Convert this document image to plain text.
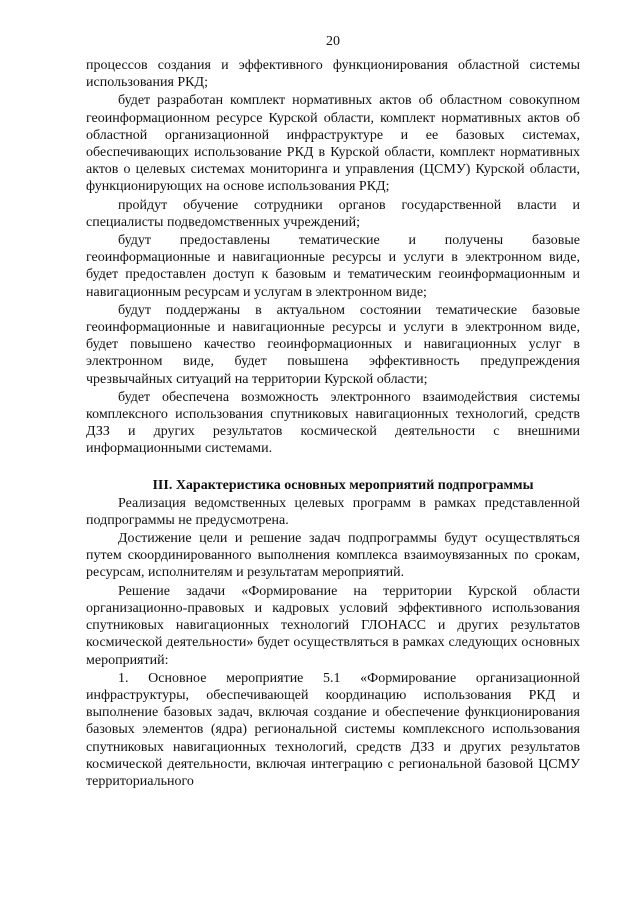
20

процессов создания и эффективного функционирования областной системы использования РКД;

будет разработан комплект нормативных актов об областном совокупном геоинформационном ресурсе Курской области, комплект нормативных актов об областной организационной инфраструктуре и ее базовых системах, обеспечивающих использование РКД в Курской области, комплект нормативных актов о целевых системах мониторинга и управления (ЦСМУ) Курской области, функционирующих на основе использования РКД;

пройдут обучение сотрудники органов государственной власти и специалисты подведомственных учреждений;

будут предоставлены тематические и получены базовые геоинформационные и навигационные ресурсы и услуги в электронном виде, будет предоставлен доступ к базовым и тематическим геоинформационным и навигационным ресурсам и услугам в электронном виде;

будут поддержаны в актуальном состоянии тематические базовые геоинформационные и навигационные ресурсы и услуги в электронном виде, будет повышено качество геоинформационных и навигационных услуг в электронном виде, будет повышена эффективность предупреждения чрезвычайных ситуаций на территории Курской области;

будет обеспечена возможность электронного взаимодействия системы комплексного использования спутниковых навигационных технологий, средств ДЗЗ и других результатов космической деятельности с внешними информационными системами.

III. Характеристика основных мероприятий подпрограммы

Реализация ведомственных целевых программ в рамках представленной подпрограммы не предусмотрена.

Достижение цели и решение задач подпрограммы будут осуществляться путем скоординированного выполнения комплекса взаимоувязанных по срокам, ресурсам, исполнителям и результатам мероприятий.

Решение задачи «Формирование на территории Курской области организационно-правовых и кадровых условий эффективного использования спутниковых навигационных технологий ГЛОНАСС и других результатов космической деятельности» будет осуществляться в рамках следующих основных мероприятий:

1. Основное мероприятие 5.1 «Формирование организационной инфраструктуры, обеспечивающей координацию использования РКД и выполнение базовых задач, включая создание и обеспечение функционирования базовых элементов (ядра) региональной системы комплексного использования спутниковых навигационных технологий, средств ДЗЗ и других результатов космической деятельности, включая интеграцию с региональной базовой ЦСМУ территориального
